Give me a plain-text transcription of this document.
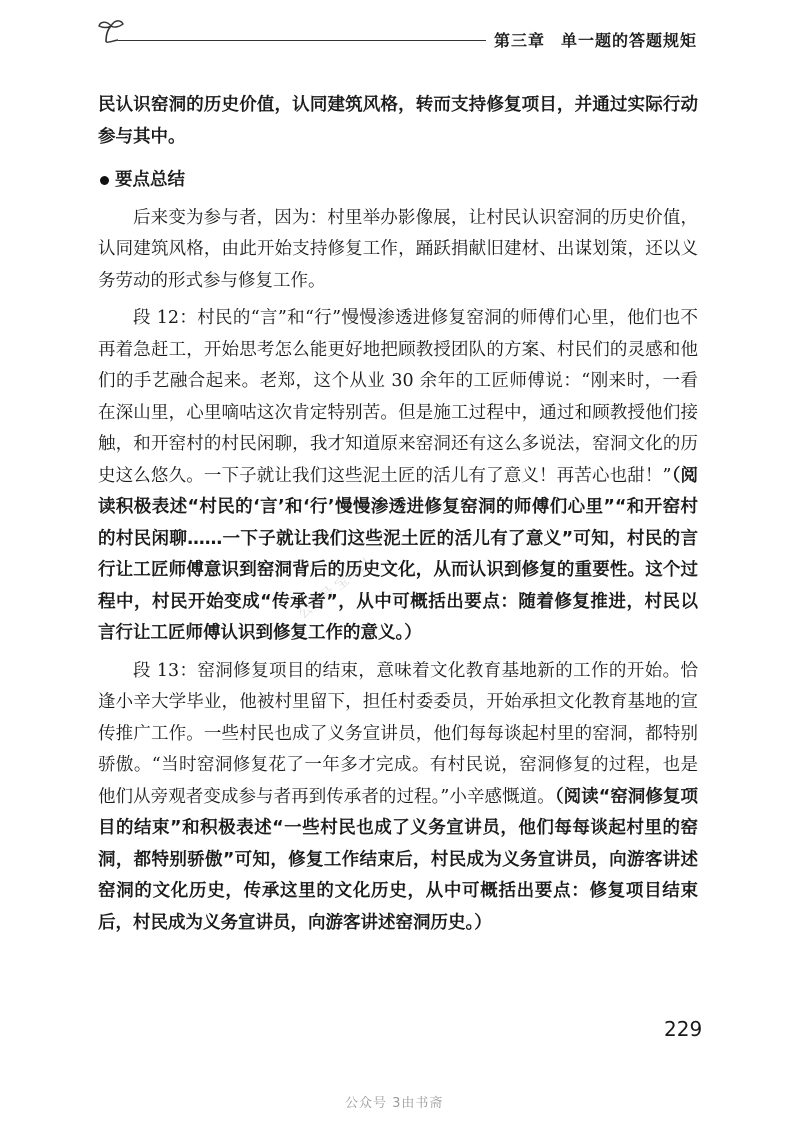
第三章 单一题的答题规矩

民认识窑洞的历史价值，认同建筑风格，转而支持修复项目，并通过实际行动参与其中。

要点总结

后来变为参与者，因为：村里举办影像展，让村民认识窑洞的历史价值，认同建筑风格，由此开始支持修复工作，踊跃捐献旧建材、出谋划策，还以义务劳动的形式参与修复工作。

段 12：村民的“言”和“行”慢慢渗透进修复窑洞的师傅们心里，他们也不再着急赶工，开始思考怎么能更好地把顾教授团队的方案、村民们的灵感和他们的手艺融合起来。老郑，这个从业 30 余年的工匠师傅说：“刚来时，一看在深山里，心里嘀咕这次肯定特别苦。但是施工过程中，通过和顾教授他们接触，和开窑村的村民闲聊，我才知道原来窑洞还有这么多说法，窑洞文化的历史这么悠久。一下子就让我们这些泥土匠的活儿有了意义！再苦心也甜！”（阅读积极表述“村民的‘言’和‘行’慢慢渗透进修复窑洞的师傅们心里”“和开窑村的村民闲聊……一下子就让我们这些泥土匠的活儿有了意义”可知，村民的言行让工匠师傅意识到窑洞背后的历史文化，从而认识到修复的重要性。这个过程中，村民开始变成“传承者”，从中可概括出要点：随着修复推进，村民以言行让工匠师傅认识到修复工作的意义。）

段 13：窑洞修复项目的结束，意味着文化教育基地新的工作的开始。恰逢小辛大学毕业，他被村里留下，担任村委委员，开始承担文化教育基地的宣传推广工作。一些村民也成了义务宣讲员，他们每每谈起村里的窑洞，都特别骄傲。“当时窑洞修复花了一年多才完成。有村民说，窑洞修复的过程，也是他们从旁观者变成参与者再到传承者的过程。”小辛感慨道。（阅读“窑洞修复项目的结束”和积极表述“一些村民也成了义务宣讲员，他们每每谈起村里的窑洞，都特别骄傲”可知，修复工作结束后，村民成为义务宣讲员，向游客讲述窑洞的文化历史，传承这里的文化历史，从中可概括出要点：修复项目结束后，村民成为义务宣讲员，向游客讲述窑洞历史。）

公众号 宝可以
229
公众号 3由书斋
